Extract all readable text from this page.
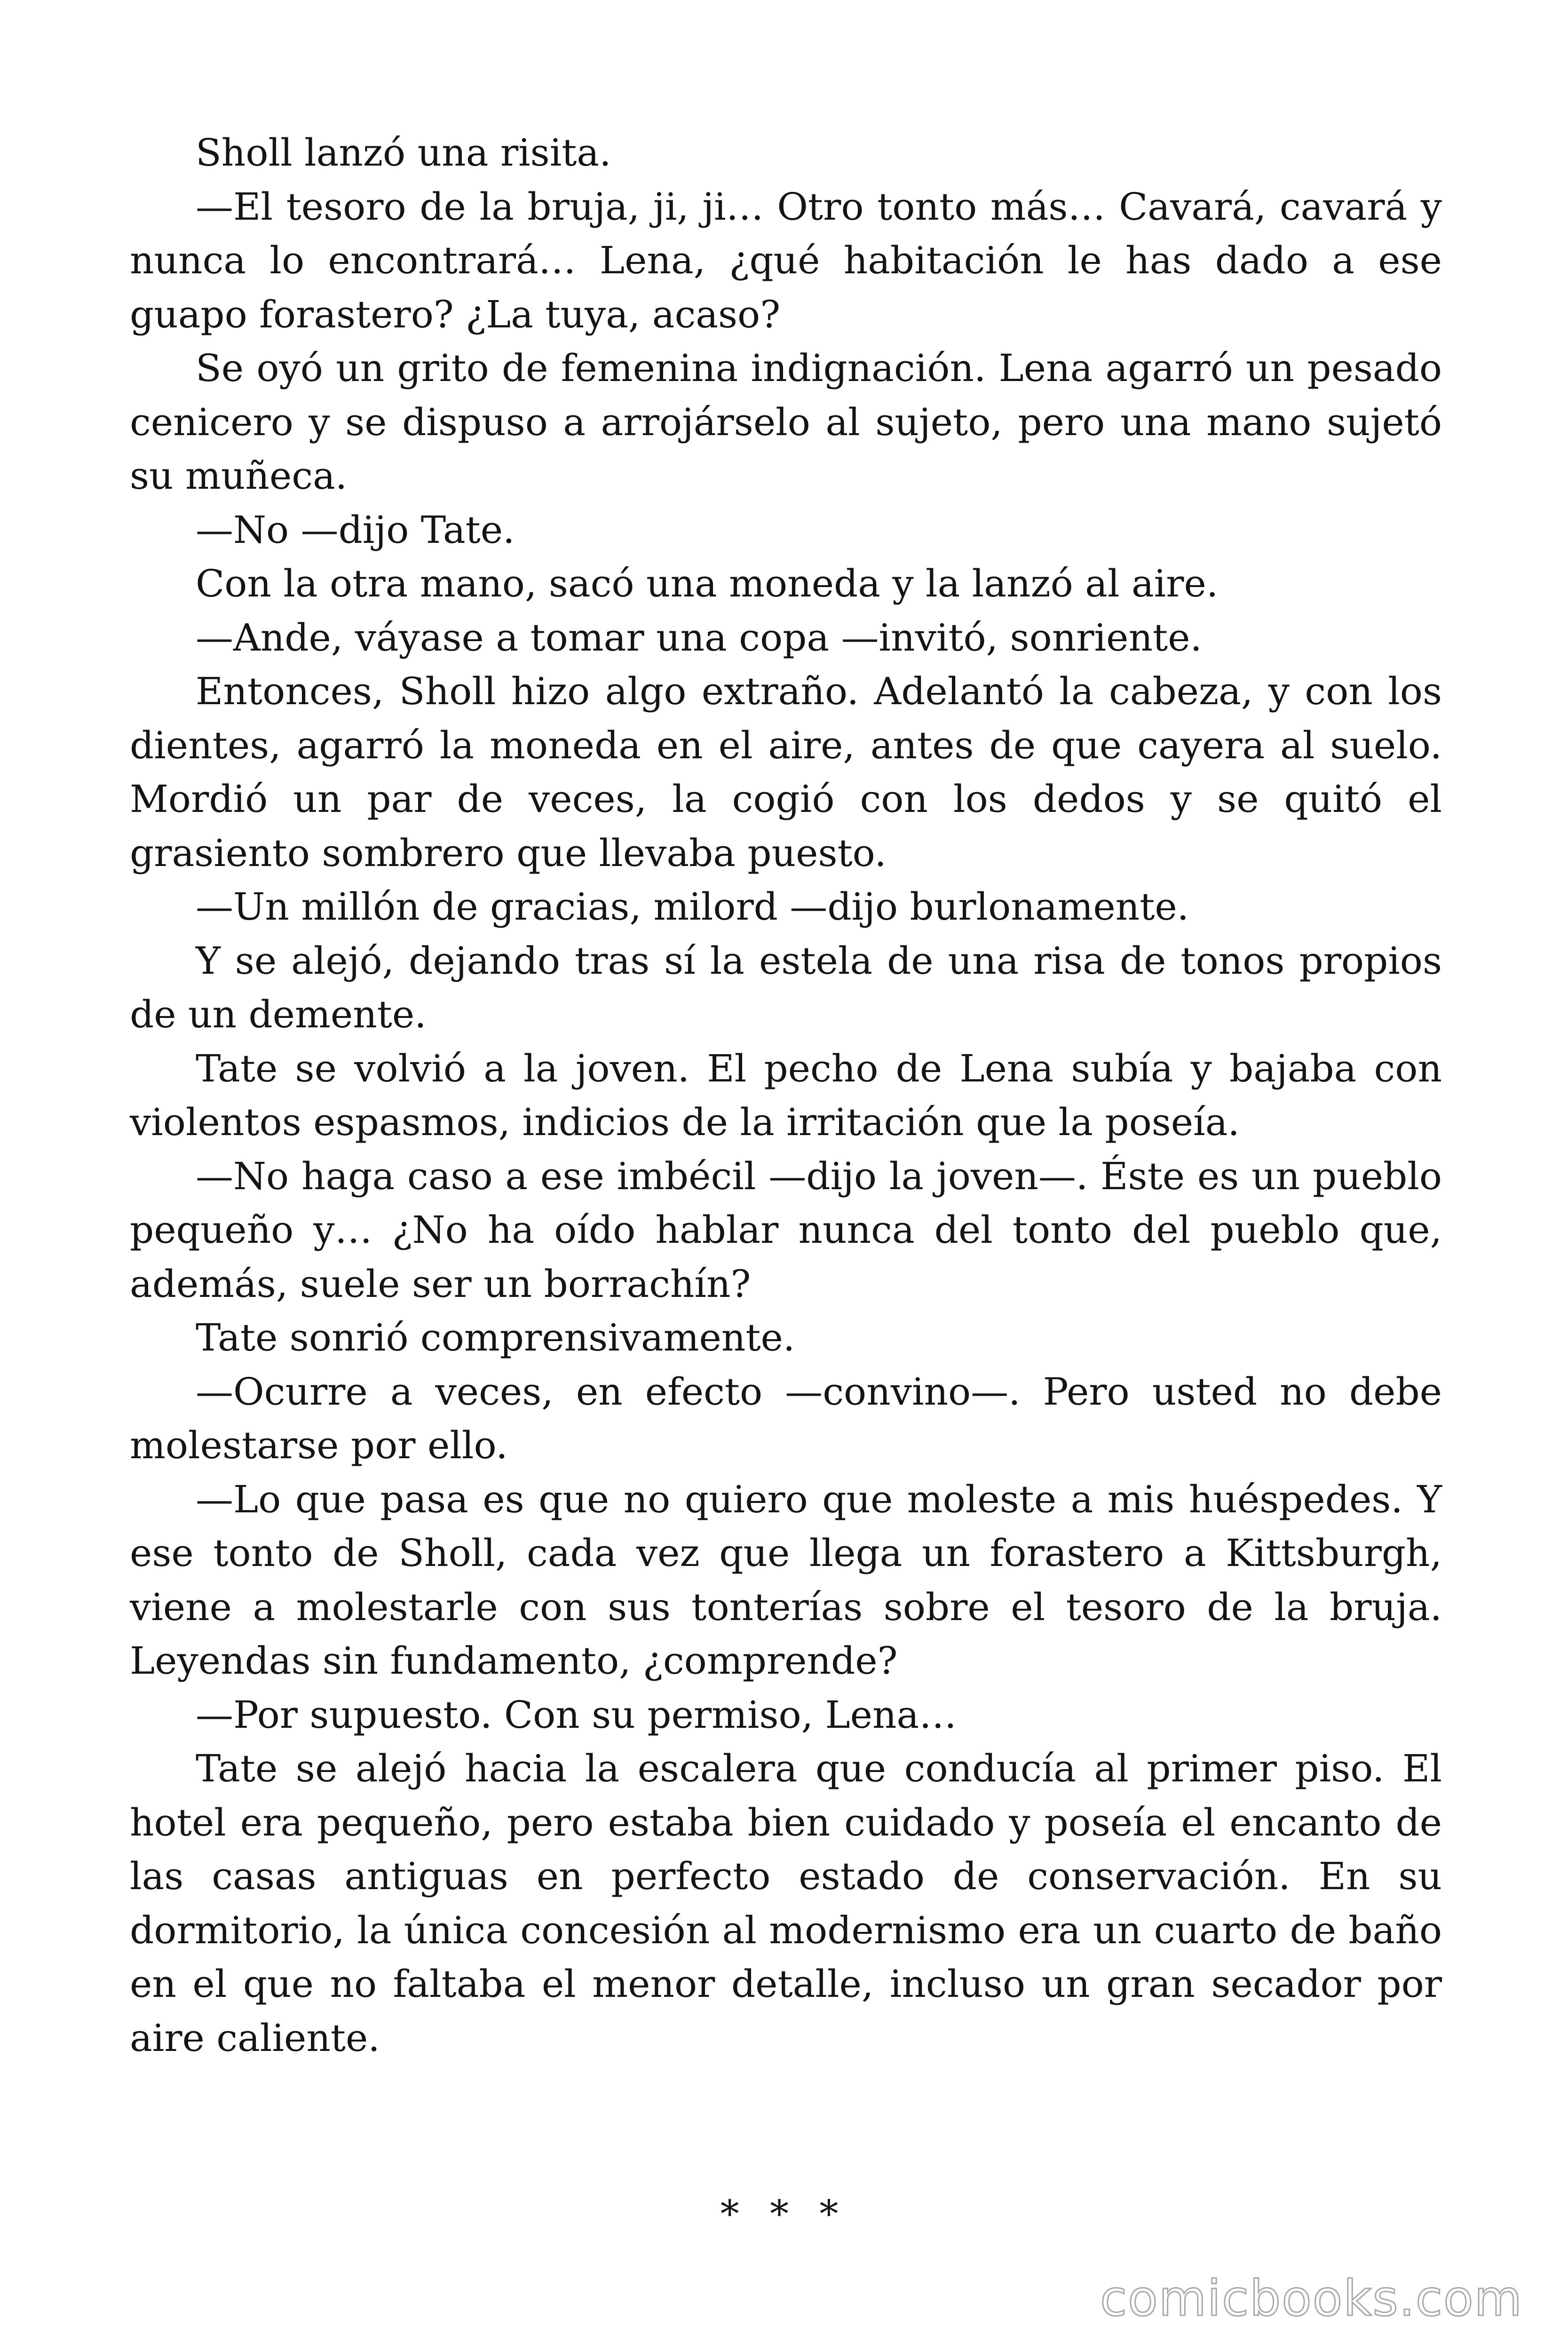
Sholl lanzó una risita.

—El tesoro de la bruja, ji, ji… Otro tonto más… Cavará, cavará y nunca lo encontrará… Lena, ¿qué habitación le has dado a ese guapo forastero? ¿La tuya, acaso?

Se oyó un grito de femenina indignación. Lena agarró un pesado cenicero y se dispuso a arrojárselo al sujeto, pero una mano sujetó su muñeca.

—No —dijo Tate.

Con la otra mano, sacó una moneda y la lanzó al aire.

—Ande, váyase a tomar una copa —invitó, sonriente.

Entonces, Sholl hizo algo extraño. Adelantó la cabeza, y con los dientes, agarró la moneda en el aire, antes de que cayera al suelo. Mordió un par de veces, la cogió con los dedos y se quitó el grasiento sombrero que llevaba puesto.

—Un millón de gracias, milord —dijo burlonamente.

Y se alejó, dejando tras sí la estela de una risa de tonos propios de un demente.

Tate se volvió a la joven. El pecho de Lena subía y bajaba con violentos espasmos, indicios de la irritación que la poseía.

—No haga caso a ese imbécil —dijo la joven—. Éste es un pueblo pequeño y… ¿No ha oído hablar nunca del tonto del pueblo que, además, suele ser un borrachín?

Tate sonrió comprensivamente.

—Ocurre a veces, en efecto —convino—. Pero usted no debe molestarse por ello.

—Lo que pasa es que no quiero que moleste a mis huéspedes. Y ese tonto de Sholl, cada vez que llega un forastero a Kittsburgh, viene a molestarle con sus tonterías sobre el tesoro de la bruja. Leyendas sin fundamento, ¿comprende?

—Por supuesto. Con su permiso, Lena…

Tate se alejó hacia la escalera que conducía al primer piso. El hotel era pequeño, pero estaba bien cuidado y poseía el encanto de las casas antiguas en perfecto estado de conservación. En su dormitorio, la única concesión al modernismo era un cuarto de baño en el que no faltaba el menor detalle, incluso un gran secador por aire caliente.

* * *
comicbooks.com
